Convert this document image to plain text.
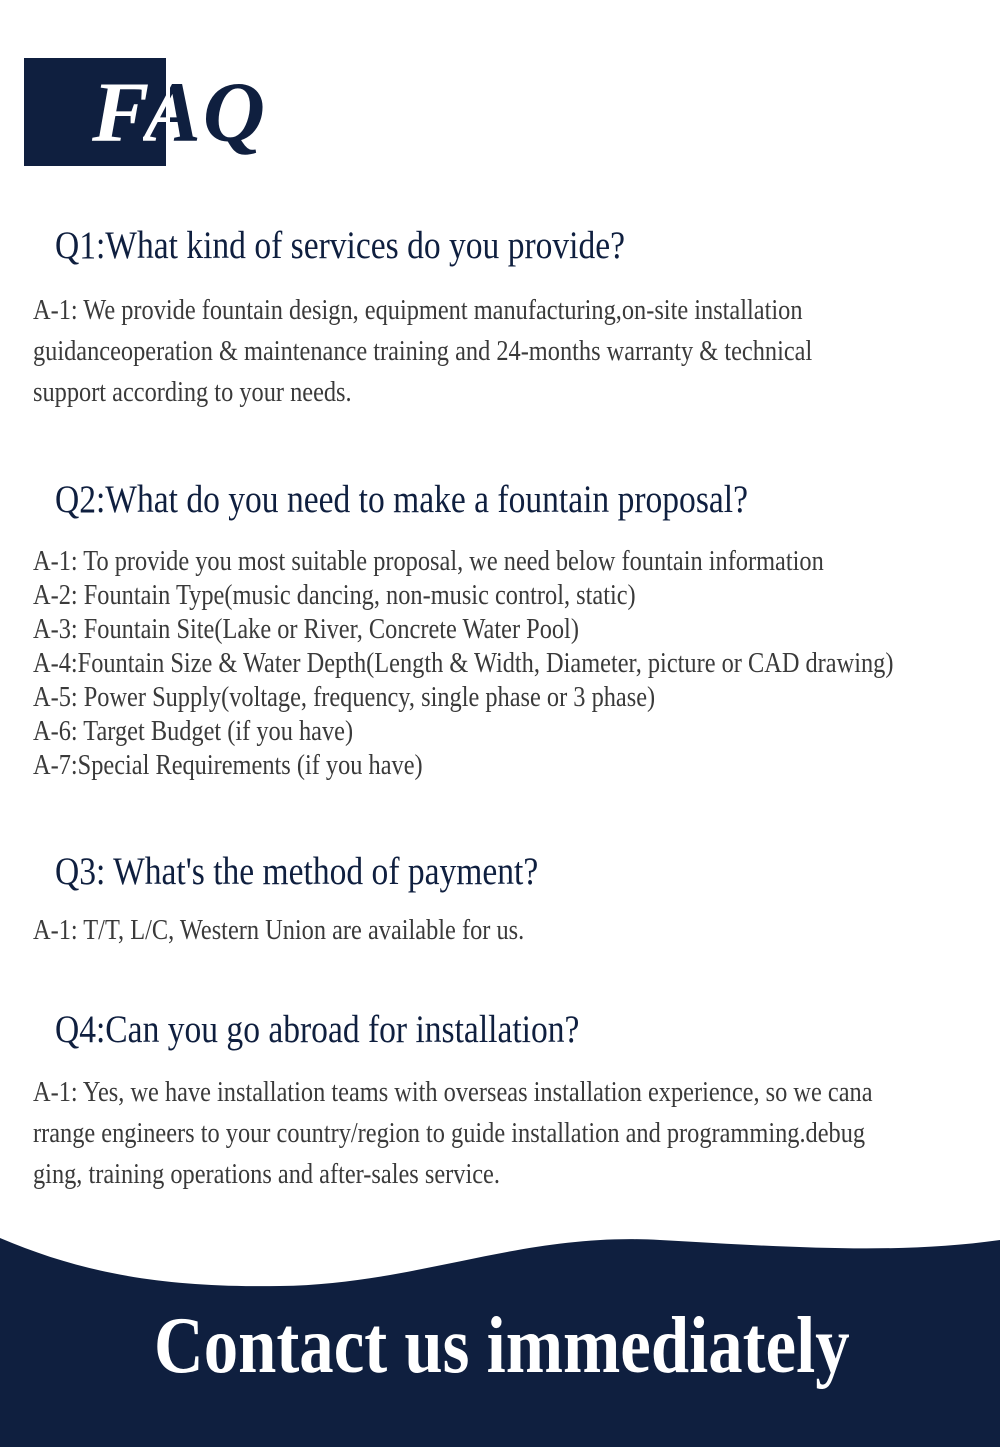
FAQ
Q1:What kind of services do you provide?
A-1: We provide fountain design, equipment manufacturing,on-site installation
guidanceoperation & maintenance training and 24-months warranty & technical
support according to your needs.
Q2:What do you need to make a fountain proposal?
A-1: To provide you most suitable proposal, we need below fountain information
A-2: Fountain Type(music dancing, non-music control, static)
A-3: Fountain Site(Lake or River, Concrete Water Pool)
A-4:Fountain Size & Water Depth(Length & Width, Diameter, picture or CAD drawing)
A-5: Power Supply(voltage, frequency, single phase or 3 phase)
A-6: Target Budget (if you have)
A-7:Special Requirements (if you have)
Q3: What's the method of payment?
A-1: T/T, L/C, Western Union are available for us.
Q4:Can you go abroad for installation?
A-1: Yes, we have installation teams with overseas installation experience, so we cana
rrange engineers to your country/region to guide installation and programming.debug
ging, training operations and after-sales service.
Contact us immediately
